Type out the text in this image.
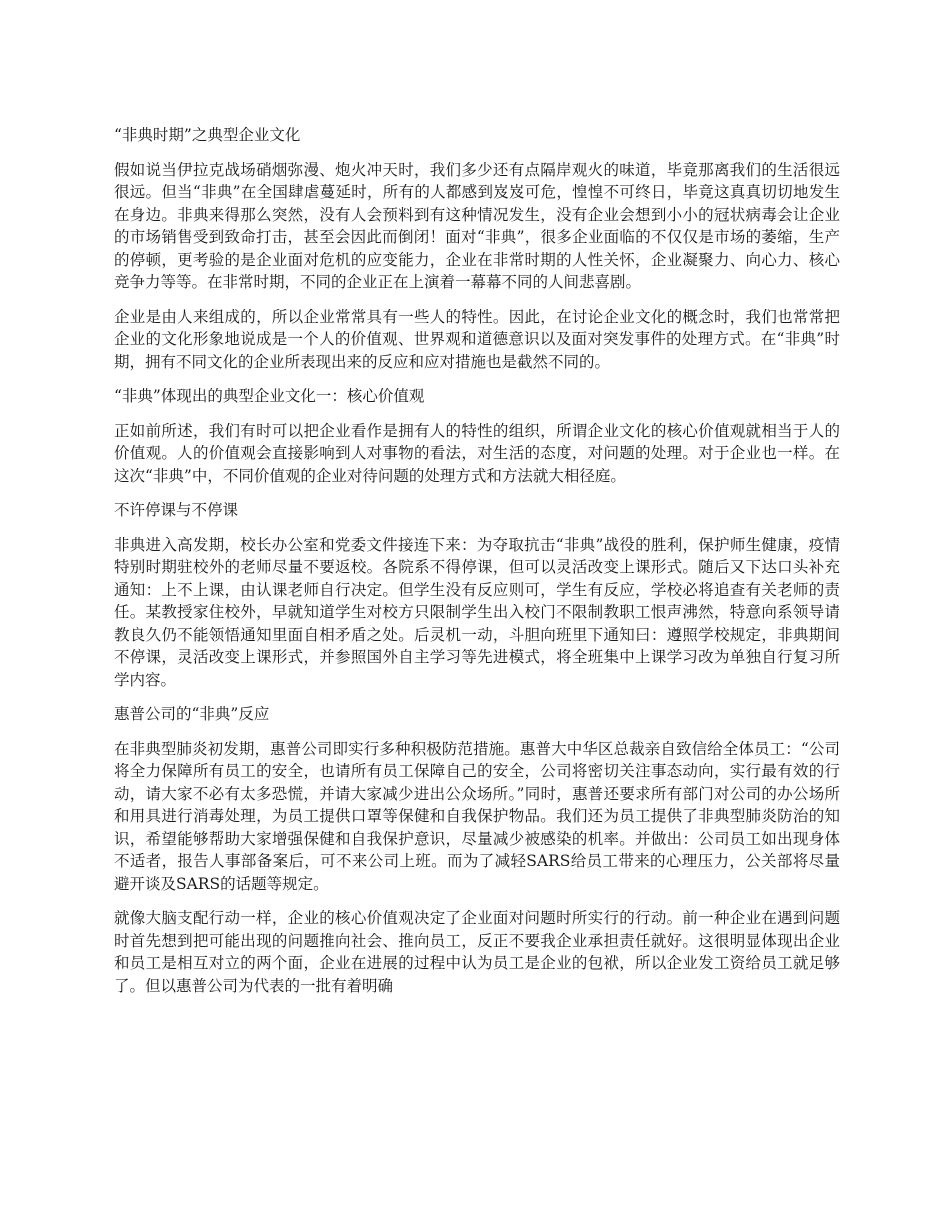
“非典时期”之典型企业文化

假如说当伊拉克战场硝烟弥漫、炮火冲天时，我们多少还有点隔岸观火的味道，毕竟那离我们的生活很远很远。但当“非典”在全国肆虐蔓延时，所有的人都感到岌岌可危，惶惶不可终日，毕竟这真真切切地发生在身边。非典来得那么突然，没有人会预料到有这种情况发生，没有企业会想到小小的冠状病毒会让企业的市场销售受到致命打击，甚至会因此而倒闭！面对“非典”，很多企业面临的不仅仅是市场的萎缩，生产的停顿，更考验的是企业面对危机的应变能力，企业在非常时期的人性关怀，企业凝聚力、向心力、核心竞争力等等。在非常时期，不同的企业正在上演着一幕幕不同的人间悲喜剧。

企业是由人来组成的，所以企业常常具有一些人的特性。因此，在讨论企业文化的概念时，我们也常常把企业的文化形象地说成是一个人的价值观、世界观和道德意识以及面对突发事件的处理方式。在“非典”时期，拥有不同文化的企业所表现出来的反应和应对措施也是截然不同的。

“非典”体现出的典型企业文化一：核心价值观

正如前所述，我们有时可以把企业看作是拥有人的特性的组织，所谓企业文化的核心价值观就相当于人的价值观。人的价值观会直接影响到人对事物的看法，对生活的态度，对问题的处理。对于企业也一样。在这次“非典”中，不同价值观的企业对待问题的处理方式和方法就大相径庭。

不许停课与不停课

非典进入高发期，校长办公室和党委文件接连下来：为夺取抗击“非典”战役的胜利，保护师生健康，疫情特别时期驻校外的老师尽量不要返校。各院系不得停课，但可以灵活改变上课形式。随后又下达口头补充通知：上不上课，由认课老师自行决定。但学生没有反应则可，学生有反应，学校必将追查有关老师的责任。某教授家住校外，早就知道学生对校方只限制学生出入校门不限制教职工恨声沸然，特意向系领导请教良久仍不能领悟通知里面自相矛盾之处。后灵机一动，斗胆向班里下通知曰：遵照学校规定，非典期间不停课，灵活改变上课形式，并参照国外自主学习等先进模式，将全班集中上课学习改为单独自行复习所学内容。

惠普公司的“非典”反应

在非典型肺炎初发期，惠普公司即实行多种积极防范措施。惠普大中华区总裁亲自致信给全体员工：“公司将全力保障所有员工的安全，也请所有员工保障自己的安全，公司将密切关注事态动向，实行最有效的行动，请大家不必有太多恐慌，并请大家减少进出公众场所。”同时，惠普还要求所有部门对公司的办公场所和用具进行消毒处理，为员工提供口罩等保健和自我保护物品。我们还为员工提供了非典型肺炎防治的知识，希望能够帮助大家增强保健和自我保护意识，尽量减少被感染的机率。并做出：公司员工如出现身体不适者，报告人事部备案后，可不来公司上班。而为了减轻SARS给员工带来的心理压力，公关部将尽量避开谈及SARS的话题等规定。

就像大脑支配行动一样，企业的核心价值观决定了企业面对问题时所实行的行动。前一种企业在遇到问题时首先想到把可能出现的问题推向社会、推向员工，反正不要我企业承担责任就好。这很明显体现出企业和员工是相互对立的两个面，企业在进展的过程中认为员工是企业的包袱，所以企业发工资给员工就足够了。但以惠普公司为代表的一批有着明确
